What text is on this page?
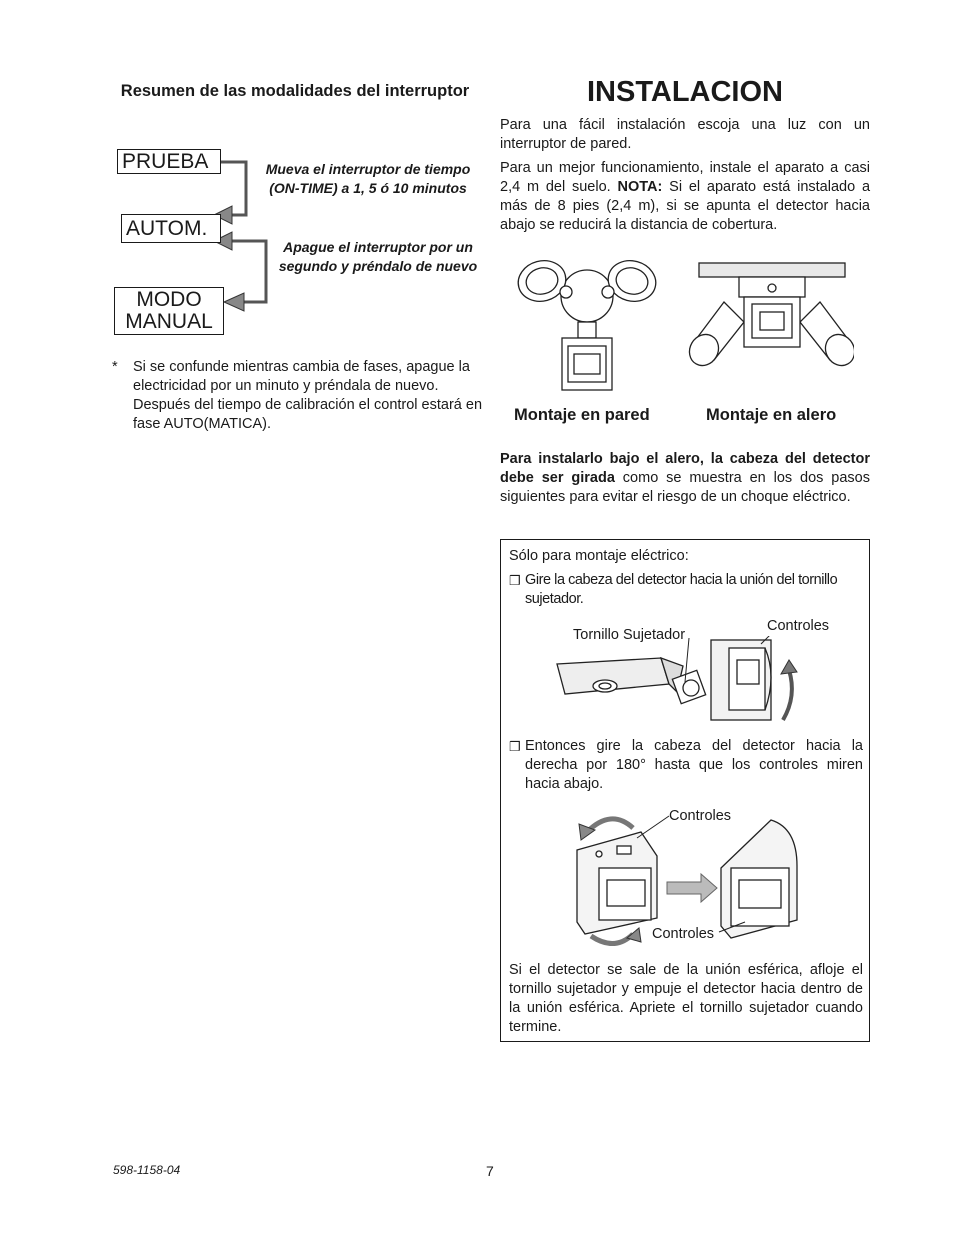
Resumen de las modalidades del interruptor
PRUEBA
AUTOM.
MODO MANUAL
Mueva el interruptor de tiempo (ON-TIME) a 1, 5 ó 10 minutos
Apague el interruptor por un segundo y préndalo de nuevo
* Si se confunde mientras cambia de fases, apague la electricidad por un minuto y préndala de nuevo. Después del tiempo de calibración el control estará en fase AUTO(MATICA).
INSTALACION
Para una fácil instalación escoja una luz con un interruptor de pared.
Para un mejor funcionamiento, instale el aparato a casi 2,4 m del suelo. NOTA: Si el aparato está instalado a más de 8 pies (2,4 m), si se apunta el detector hacia abajo se reducirá la distancia de cobertura.
Montaje en pared	Montaje en alero
Para instalarlo bajo el alero, la cabeza del detector debe ser girada como se muestra en los dos pasos siguientes para evitar el riesgo de un choque eléctrico.
Sólo para montaje eléctrico:
❒ Gire la cabeza del detector hacia la unión del tornillo sujetador.
Tornillo Sujetador
Controles
❒ Entonces gire la cabeza del detector hacia la derecha por 180° hasta que los controles miren hacia abajo.
Controles
Controles
Si el detector se sale de la unión esférica, afloje el tornillo sujetador y empuje el detector hacia dentro de la unión esférica. Apriete el tornillo sujetador cuando termine.
598-1158-04	7
